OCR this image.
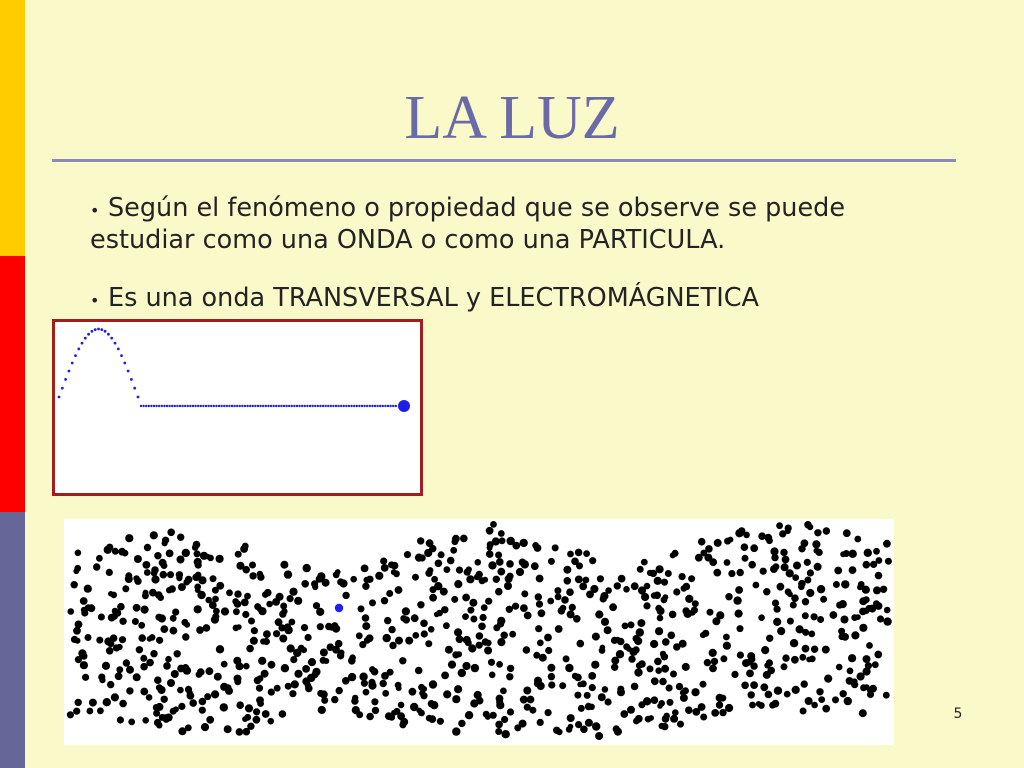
LA LUZ
• Según el fenómeno o propiedad que se observe se puede estudiar como una ONDA o como una PARTICULA.
• Es una onda TRANSVERSAL y ELECTROMÁGNETICA
5
